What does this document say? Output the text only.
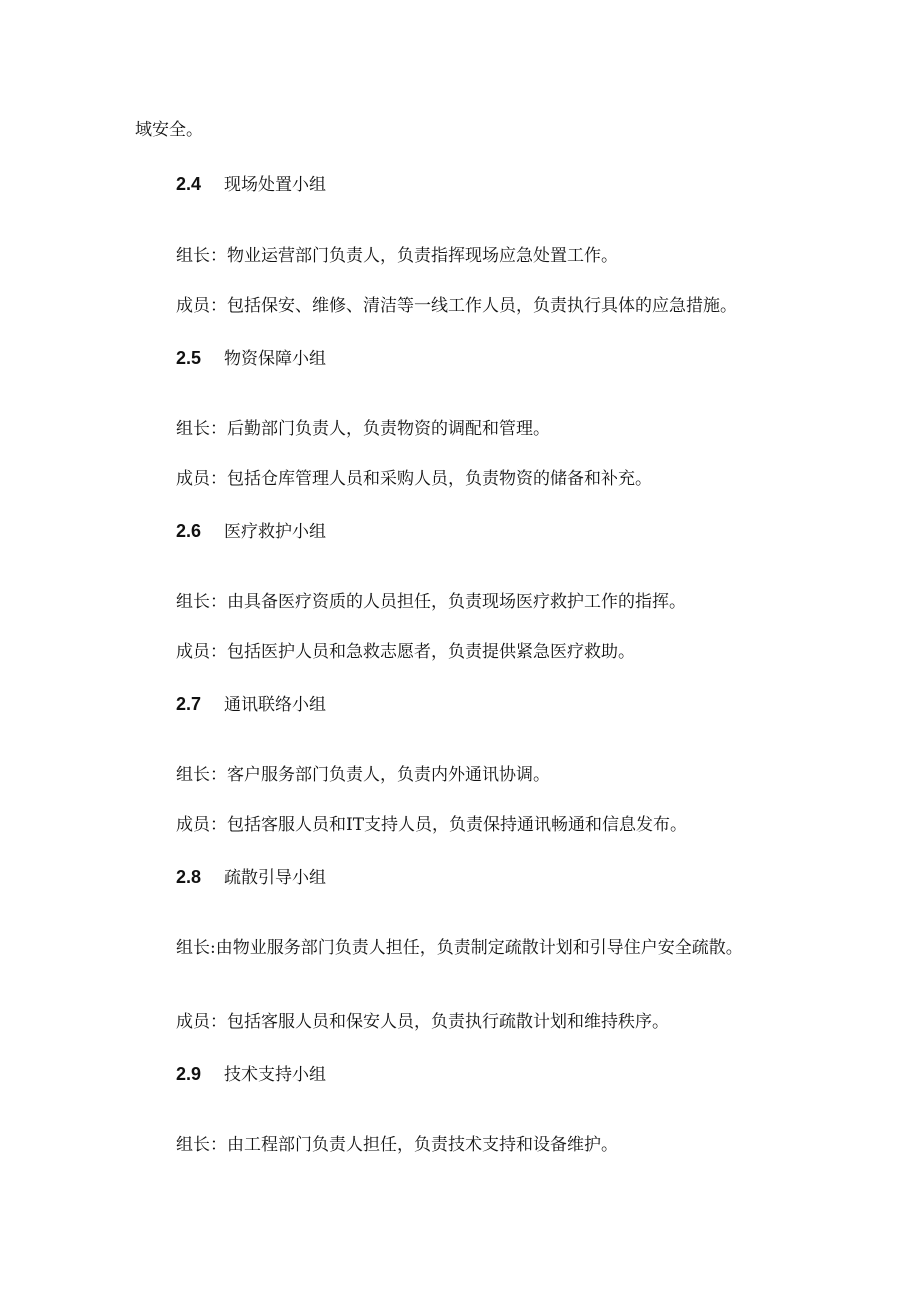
域安全。
2.4	现场处置小组
组长：物业运营部门负责人，负责指挥现场应急处置工作。
成员：包括保安、维修、清洁等一线工作人员，负责执行具体的应急措施。
2.5	物资保障小组
组长：后勤部门负责人，负责物资的调配和管理。
成员：包括仓库管理人员和采购人员，负责物资的储备和补充。
2.6	医疗救护小组
组长：由具备医疗资质的人员担任，负责现场医疗救护工作的指挥。
成员：包括医护人员和急救志愿者，负责提供紧急医疗救助。
2.7	通讯联络小组
组长：客户服务部门负责人，负责内外通讯协调。
成员：包括客服人员和IT支持人员，负责保持通讯畅通和信息发布。
2.8	疏散引导小组
组长:由物业服务部门负责人担任，负责制定疏散计划和引导住户安全疏散。
成员：包括客服人员和保安人员，负责执行疏散计划和维持秩序。
2.9	技术支持小组
组长：由工程部门负责人担任，负责技术支持和设备维护。
